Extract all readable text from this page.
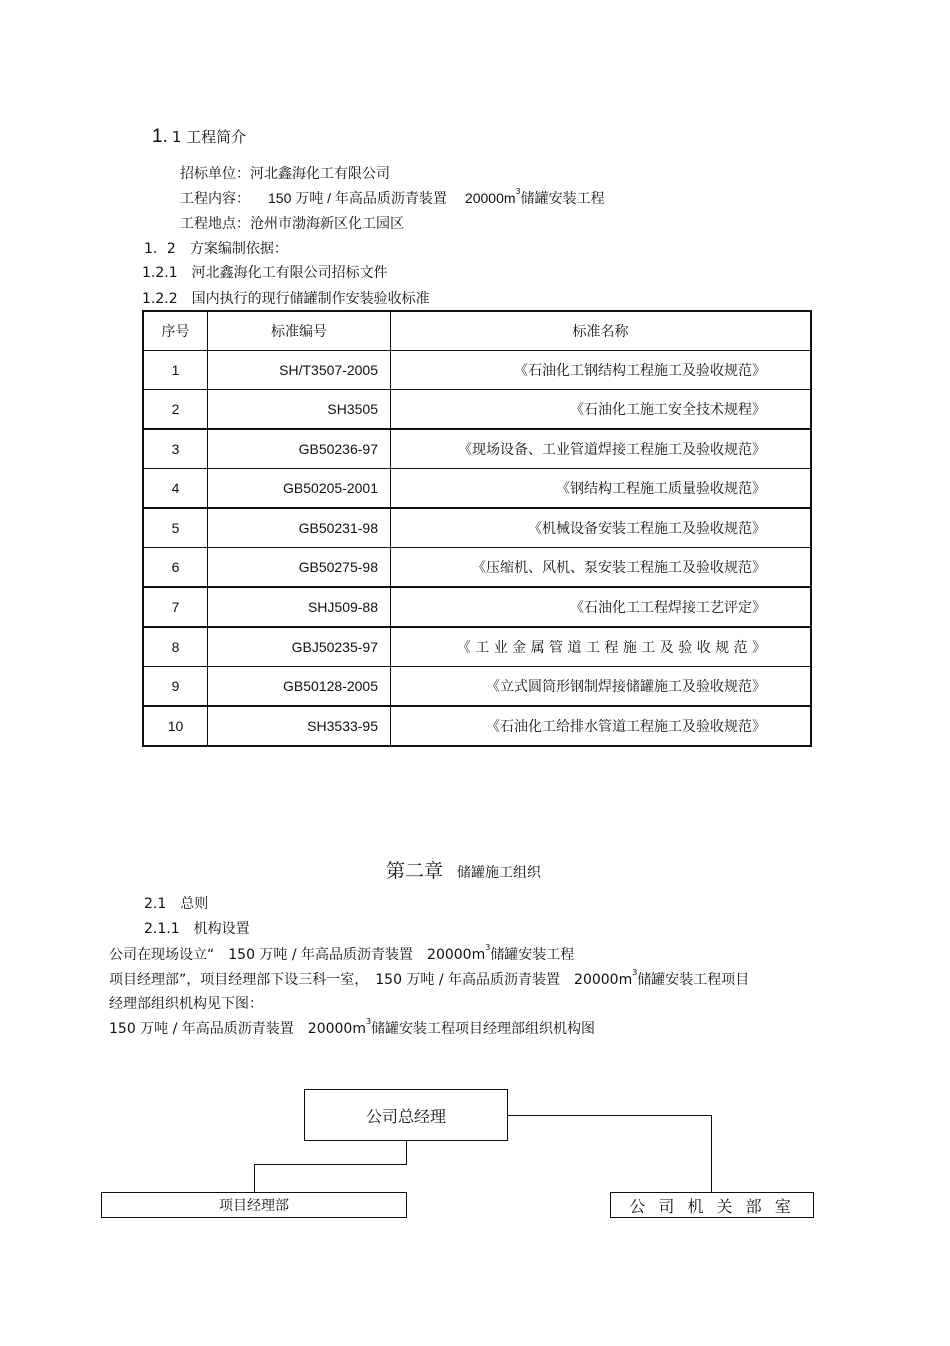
1. 1 工程简介
招标单位：河北鑫海化工有限公司
工程内容： 150 万吨 / 年高品质沥青装置 $20000m^3$储罐安装工程
工程地点：沧州市渤海新区化工园区
1．2　方案编制依据：
1.2.1　河北鑫海化工有限公司招标文件
1.2.2　国内执行的现行储罐制作安装验收标准
序号	标准编号	标准名称
1	SH/T3507-2005	《石油化工钢结构工程施工及验收规范》
2	SH3505	《石油化工施工安全技术规程》
3	GB50236-97	《现场设备、工业管道焊接工程施工及验收规范》
4	GB50205-2001	《钢结构工程施工质量验收规范》
5	GB50231-98	《机械设备安装工程施工及验收规范》
6	GB50275-98	《压缩机、风机、泵安装工程施工及验收规范》
7	SHJ509-88	《石油化工工程焊接工艺评定》
8	GBJ50235-97	《 工 业 金 属 管 道 工 程 施 工 及 验 收 规 范 》
9	GB50128-2005	《立式圆筒形钢制焊接储罐施工及验收规范》
10	SH3533-95	《石油化工给排水管道工程施工及验收规范》
第二章 储罐施工组织
2.1　总则
2.1.1　机构设置
公司在现场设立“　150 万吨 / 年高品质沥青装置　$20000m^3$储罐安装工程
项目经理部”，项目经理部下设三科一室，　150 万吨 / 年高品质沥青装置　$20000m^3$储罐安装工程项目
经理部组织机构见下图：
150 万吨 / 年高品质沥青装置　$20000m^3$储罐安装工程项目经理部组织机构图
公司总经理
项目经理部	公 司 机 关 部 室
